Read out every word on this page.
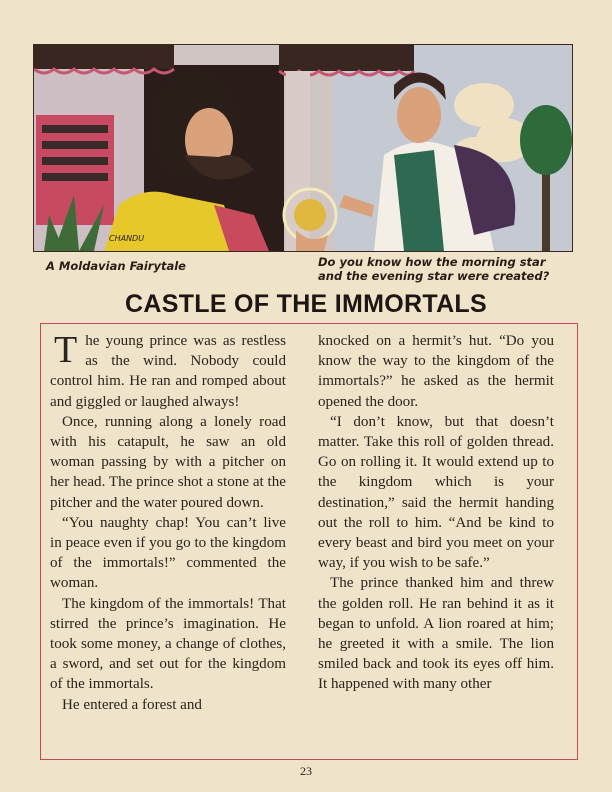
CHANDU
A Moldavian Fairytale	Do you know how the morning star
and the evening star were created?
CASTLE OF THE IMMORTALS

The young prince was as restless as the wind. Nobody could control him. He ran and romped about and giggled or laughed always!

Once, running along a lonely road with his catapult, he saw an old woman passing by with a pitcher on her head. The prince shot a stone at the pitcher and the water poured down.

“You naughty chap! You can’t live in peace even if you go to the kingdom of the immortals!” commented the woman.

The kingdom of the immortals! That stirred the prince’s imagination. He took some money, a change of clothes, a sword, and set out for the kingdom of the immortals.

He entered a forest and

knocked on a hermit’s hut. “Do you know the way to the kingdom of the immortals?” he asked as the hermit opened the door.

“I don’t know, but that doesn’t matter. Take this roll of golden thread. Go on rolling it. It would extend up to the kingdom which is your destination,” said the hermit handing out the roll to him. “And be kind to every beast and bird you meet on your way, if you wish to be safe.”

The prince thanked him and threw the golden roll. He ran behind it as it began to unfold. A lion roared at him; he greeted it with a smile. The lion smiled back and took its eyes off him. It happened with many other

23
